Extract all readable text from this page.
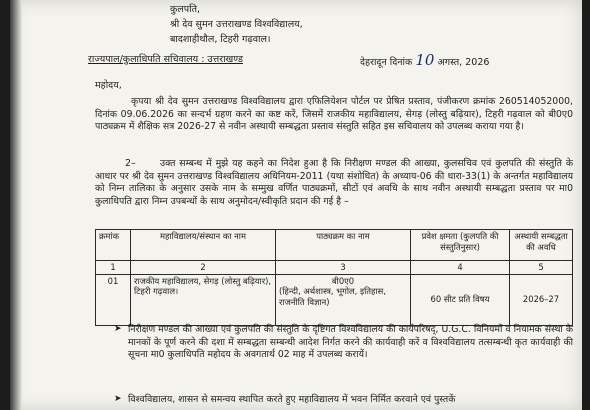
कुलपति,
श्री देव सुमन उत्तराखण्ड विश्वविद्यालय,
बादशाहीथौल, टिहरी गढ़वाल।
राज्यपाल/कुलाधिपति सचिवालय : उत्तराखण्ड	देहरादून दिनांक 10 अगस्त, 2026
महोदय,
कृपया श्री देव सुमन उत्तराखण्ड विश्वविद्यालय द्वारा एफिलियेशन पोर्टल पर प्रेषित प्रस्ताव, पंजीकरण क्रमांक 260514052000, दिनांक 09.06.2026 का सन्दर्भ ग्रहण करने का कष्ट करें, जिसमें राजकीय महाविद्यालय, सेगड़ (लोस्तु बढ़ियार), टिहरी गढ़वाल को बी0ए0 पाठ्यक्रम में शैक्षिक सत्र 2026-27 से नवीन अस्थायी सम्बद्धता प्रस्ताव संस्तुति सहित इस सचिवालय को उपलब्ध कराया गया है।
2–	उक्त सम्बन्ध में मुझे यह कहने का निदेश हुआ है कि निरीक्षण मण्डल की आख्या, कुलसचिव एवं कुलपति की संस्तुति के आधार पर श्री देव सुमन उत्तराखण्ड विश्वविद्यालय अधिनियम-2011 (यथा संशोधित) के अध्याय-06 की धारा-33(1) के अन्तर्गत महाविद्यालय को निम्न तालिका के अनुसार उसके नाम के सम्मुख वर्णित पाठ्यक्रमों, सीटों एवं अवधि के साथ नवीन अस्थायी सम्बद्धता प्रस्ताव पर मा0 कुलाधिपति द्वारा निम्न उपबन्धों के साथ अनुमोदन/स्वीकृति प्रदान की गई है –
क्रमांक	महाविद्यालय/संस्थान का नाम	पाठ्यक्रम का नाम	प्रवेश क्षमता (कुलपति की संस्तुतिनुसार)	अस्थायी सम्बद्धता की अवधि
1	2	3	4	5
01	राजकीय महाविद्यालय, सेगड़ (लोस्तु बढ़ियार), टिहरी गढ़वाल।	बी0ए0
(हिन्दी, अर्थशास्त्र, भूगोल, इतिहास, राजनीति विज्ञान)	60 सीट प्रति विषय	2026–27
➤ निरीक्षण मण्डल की आख्या एवं कुलपति की संस्तुति के दृष्टिगत विश्वविद्यालय की कार्यपरिषद्, U.G.C. विनियमों व नियामक संस्था के मानकों के पूर्ण करने की दशा में सम्बद्धता सम्बन्धी आदेश निर्गत करने की कार्यवाही करें व विश्वविद्यालय तत्सम्बन्धी कृत कार्यवाही की सूचना मा0 कुलाधिपति महोदय के अवगतार्थ 02 माह में उपलब्ध करायें।
➤ विश्वविद्यालय, शासन से समन्वय स्थापित करते हुए महाविद्यालय में भवन निर्मित करवाने एवं पुस्तकें
